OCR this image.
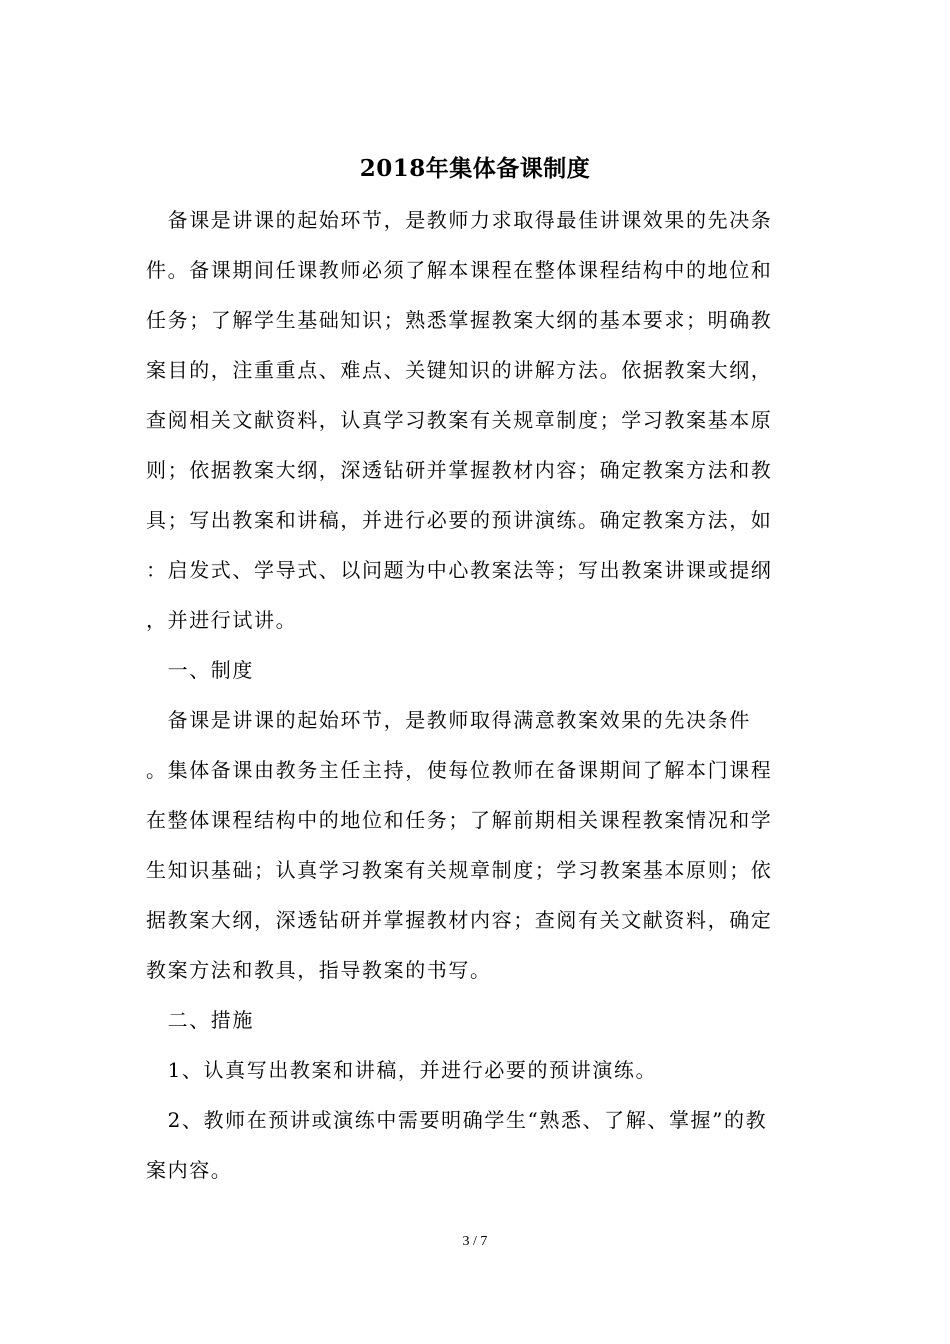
2018年集体备课制度
　备课是讲课的起始环节，是教师力求取得最佳讲课效果的先决条
件。备课期间任课教师必须了解本课程在整体课程结构中的地位和
任务；了解学生基础知识；熟悉掌握教案大纲的基本要求；明确教
案目的，注重重点、难点、关键知识的讲解方法。依据教案大纲，
查阅相关文献资料，认真学习教案有关规章制度；学习教案基本原
则；依据教案大纲，深透钻研并掌握教材内容；确定教案方法和教
具；写出教案和讲稿，并进行必要的预讲演练。确定教案方法，如
：启发式、学导式、以问题为中心教案法等；写出教案讲课或提纲
，并进行试讲。
　一、制度
　备课是讲课的起始环节，是教师取得满意教案效果的先决条件
。集体备课由教务主任主持，使每位教师在备课期间了解本门课程
在整体课程结构中的地位和任务；了解前期相关课程教案情况和学
生知识基础；认真学习教案有关规章制度；学习教案基本原则；依
据教案大纲，深透钻研并掌握教材内容；查阅有关文献资料，确定
教案方法和教具，指导教案的书写。
　二、措施
　1、认真写出教案和讲稿，并进行必要的预讲演练。
　2、教师在预讲或演练中需要明确学生“熟悉、了解、掌握”的教
案内容。
3 / 7
